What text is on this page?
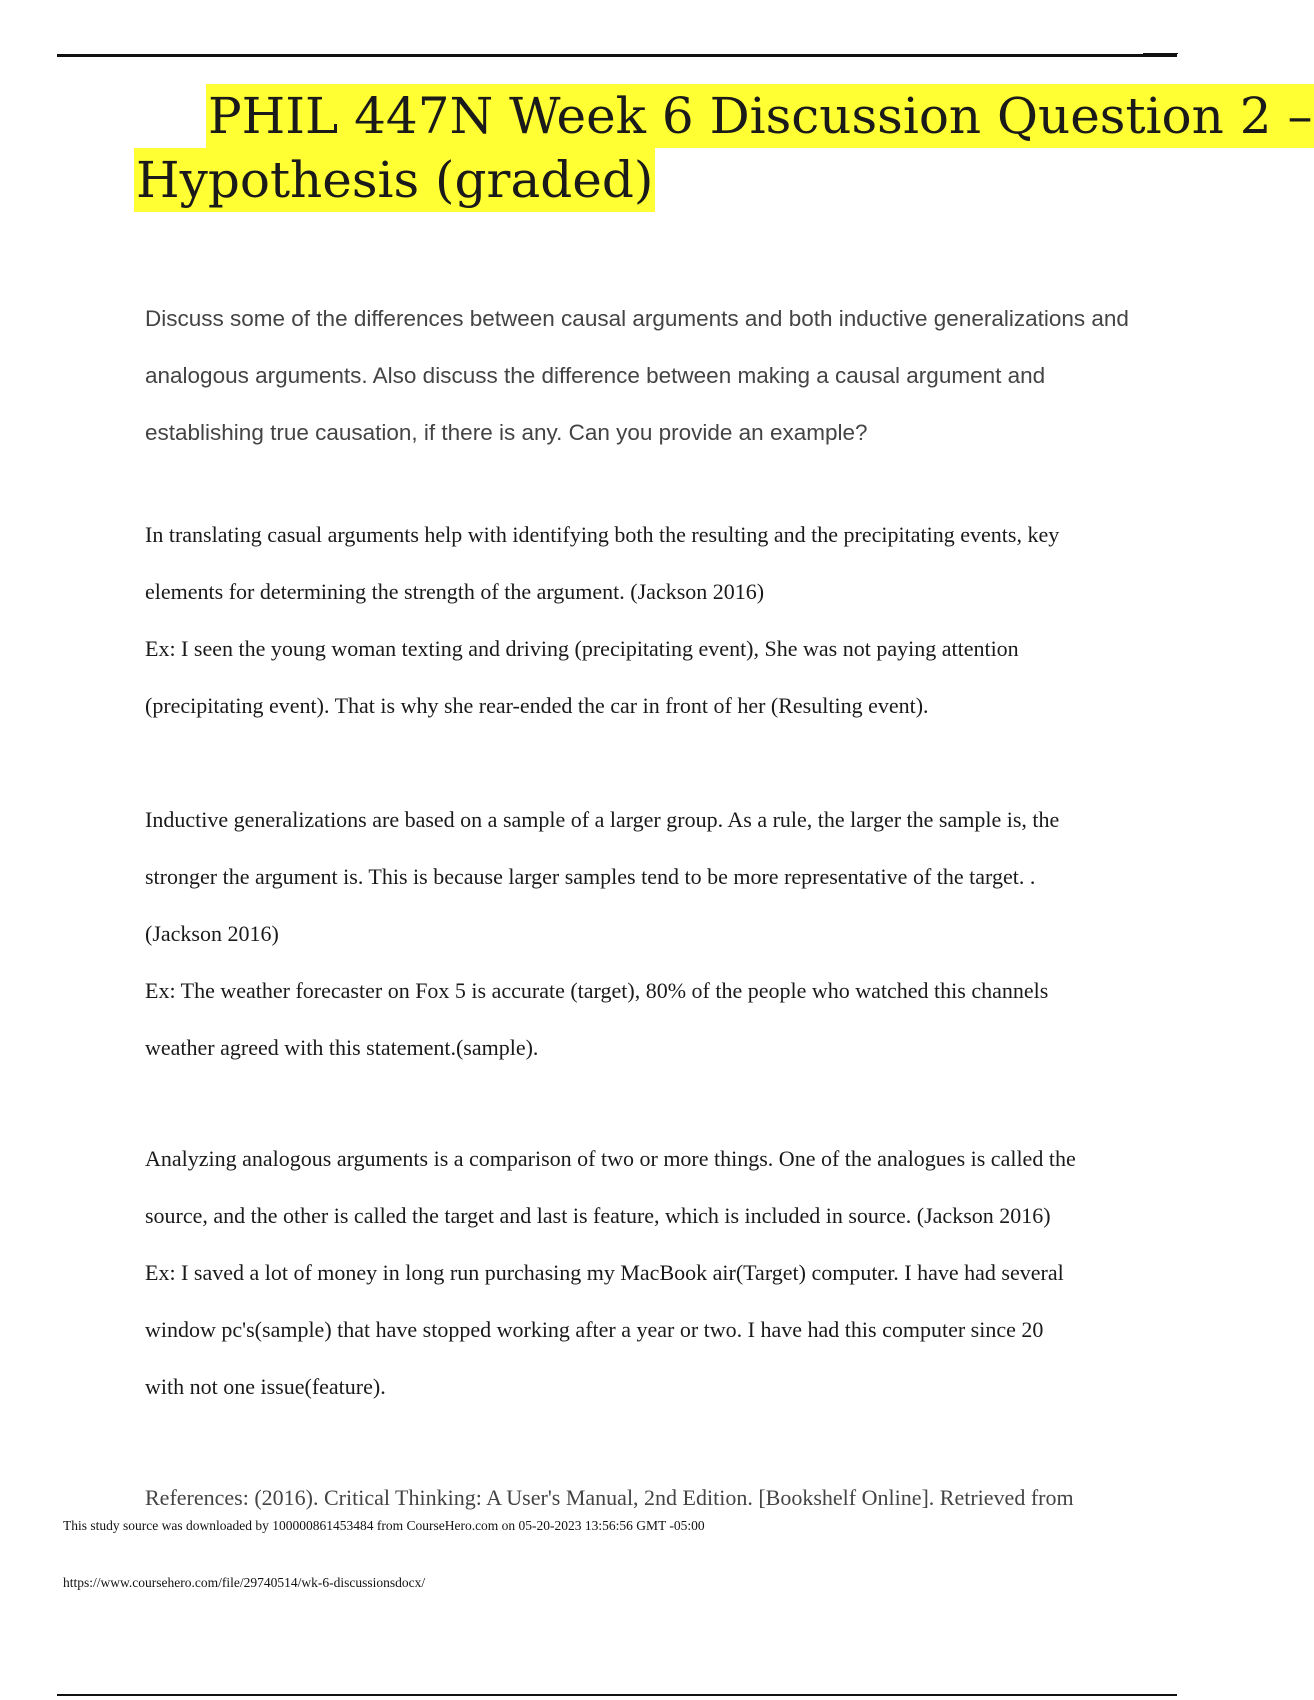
PHIL 447N Week 6 Discussion Question 2 –
Hypothesis (graded)
Discuss some of the differences between causal arguments and both inductive generalizations and
analogous arguments. Also discuss the difference between making a causal argument and
establishing true causation, if there is any. Can you provide an example?
In translating casual arguments help with identifying both the resulting and the precipitating events, key
elements for determining the strength of the argument. (Jackson 2016)
Ex: I seen the young woman texting and driving (precipitating event), She was not paying attention
(precipitating event). That is why she rear-ended the car in front of her (Resulting event).
Inductive generalizations are based on a sample of a larger group. As a rule, the larger the sample is, the
stronger the argument is. This is because larger samples tend to be more representative of the target. .
(Jackson 2016)
Ex: The weather forecaster on Fox 5 is accurate (target), 80% of the people who watched this channels
weather agreed with this statement.(sample).
Analyzing analogous arguments is a comparison of two or more things. One of the analogues is called the
source, and the other is called the target and last is feature, which is included in source. (Jackson 2016)
Ex: I saved a lot of money in long run purchasing my MacBook air(Target) computer. I have had several
window pc's(sample) that have stopped working after a year or two. I have had this computer since 20
with not one issue(feature).

References: (2016). Critical Thinking: A User's Manual, 2nd Edition. [Bookshelf Online]. Retrieved from

This study source was downloaded by 100000861453484 from CourseHero.com on 05-20-2023 13:56:56 GMT -05:00

https://www.coursehero.com/file/29740514/wk-6-discussionsdocx/
